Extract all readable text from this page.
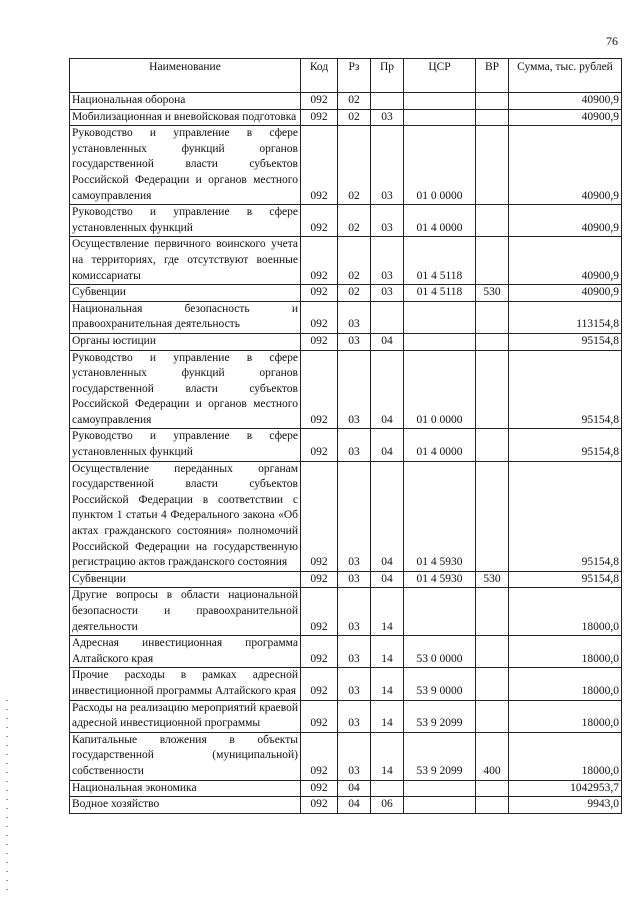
76
Наименование	Код	Рз	Пр	ЦСР	ВР	Сумма, тыс. рублей
Национальная оборона	092	02				40900,9
Мобилизационная и вневойсковая подготовка	092	02	03			40900,9
Руководство и управление в сфере установленных функций органов государственной власти субъектов Российской Федерации и органов местного самоуправления	092	02	03	01 0 0000		40900,9
Руководство и управление в сфере установленных функций	092	02	03	01 4 0000		40900,9
Осуществление первичного воинского учета на территориях, где отсутствуют военные комиссариаты	092	02	03	01 4 5118		40900,9
Субвенции	092	02	03	01 4 5118	530	40900,9
Национальная безопасность и правоохранительная деятельность	092	03				113154,8
Органы юстиции	092	03	04			95154,8
Руководство и управление в сфере установленных функций органов государственной власти субъектов Российской Федерации и органов местного самоуправления	092	03	04	01 0 0000		95154,8
Руководство и управление в сфере установленных функций	092	03	04	01 4 0000		95154,8
Осуществление переданных органам государственной власти субъектов Российской Федерации в соответствии с пунктом 1 статьи 4 Федерального закона «Об актах гражданского состояния» полномочий Российской Федерации на государственную регистрацию актов гражданского состояния	092	03	04	01 4 5930		95154,8
Субвенции	092	03	04	01 4 5930	530	95154,8
Другие вопросы в области национальной безопасности и правоохранительной деятельности	092	03	14			18000,0
Адресная инвестиционная программа Алтайского края	092	03	14	53 0 0000		18000,0
Прочие расходы в рамках адресной инвестиционной программы Алтайского края	092	03	14	53 9 0000		18000,0
Расходы на реализацию мероприятий краевой адресной инвестиционной программы	092	03	14	53 9 2099		18000,0
Капитальные вложения в объекты государственной (муниципальной) собственности	092	03	14	53 9 2099	400	18000,0
Национальная экономика	092	04				1042953,7
Водное хозяйство	092	04	06			9943,0
